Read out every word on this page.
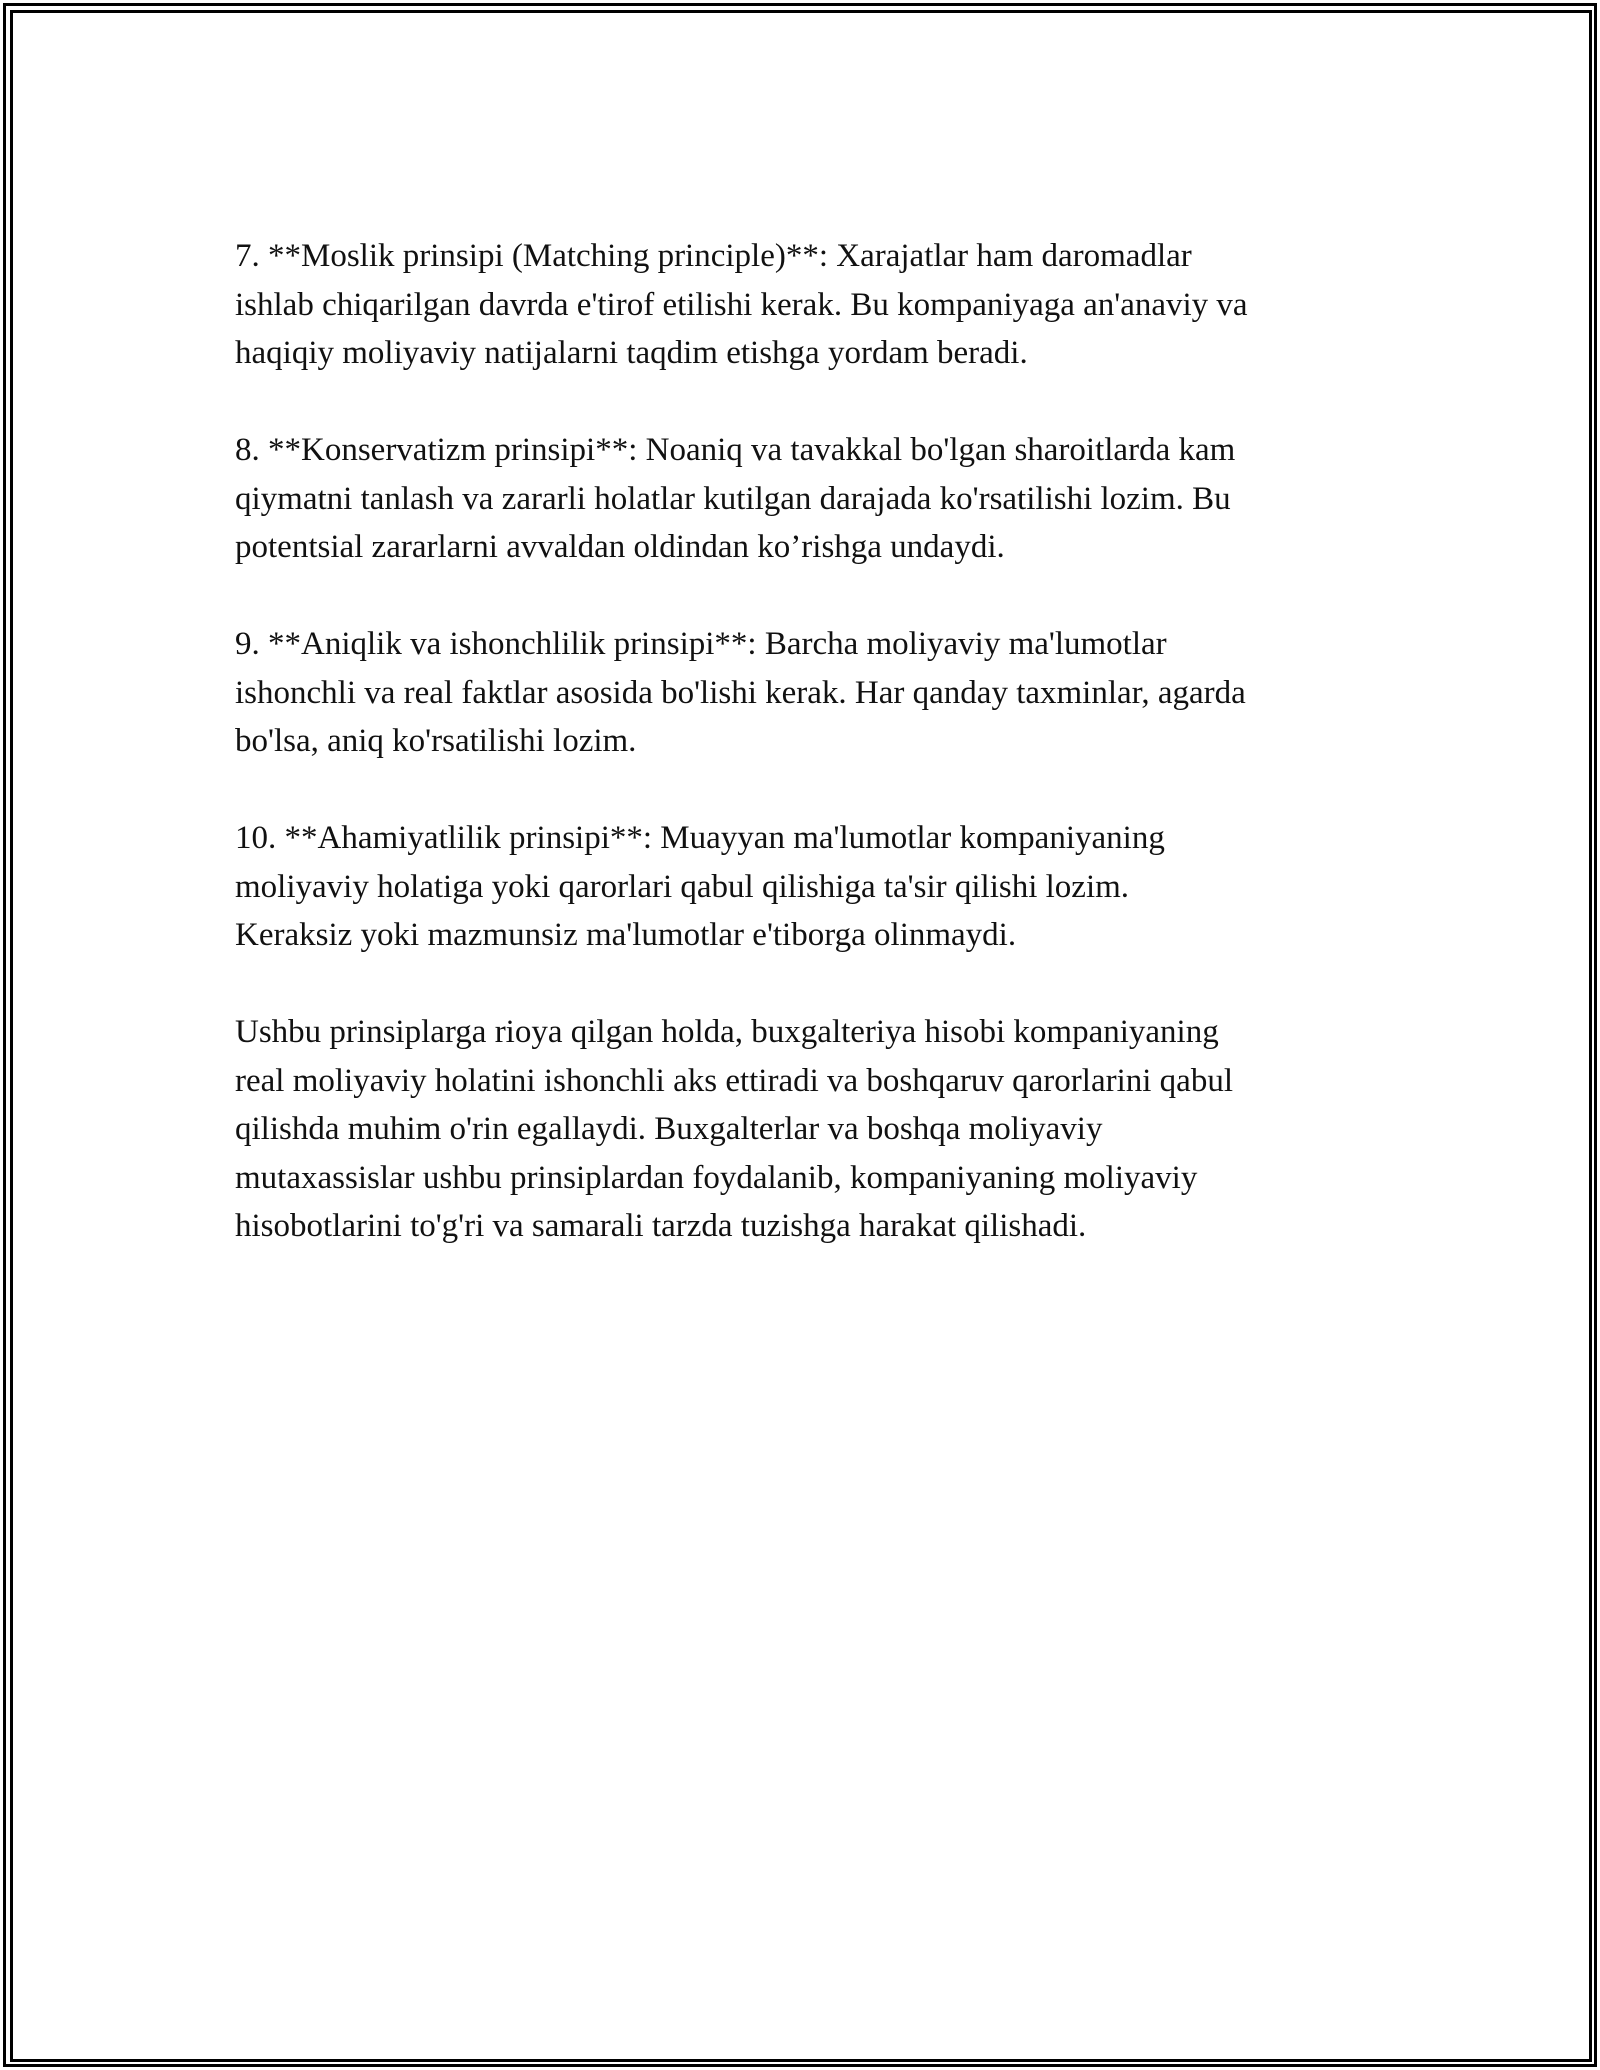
7. **Moslik prinsipi (Matching principle)**: Xarajatlar ham daromadlar
ishlab chiqarilgan davrda e'tirof etilishi kerak. Bu kompaniyaga an'anaviy va
haqiqiy moliyaviy natijalarni taqdim etishga yordam beradi.

8. **Konservatizm prinsipi**: Noaniq va tavakkal bo'lgan sharoitlarda kam
qiymatni tanlash va zararli holatlar kutilgan darajada ko'rsatilishi lozim. Bu
potentsial zararlarni avvaldan oldindan ko’rishga undaydi.

9. **Aniqlik va ishonchlilik prinsipi**: Barcha moliyaviy ma'lumotlar
ishonchli va real faktlar asosida bo'lishi kerak. Har qanday taxminlar, agarda
bo'lsa, aniq ko'rsatilishi lozim.

10. **Ahamiyatlilik prinsipi**: Muayyan ma'lumotlar kompaniyaning
moliyaviy holatiga yoki qarorlari qabul qilishiga ta'sir qilishi lozim.
Keraksiz yoki mazmunsiz ma'lumotlar e'tiborga olinmaydi.

Ushbu prinsiplarga rioya qilgan holda, buxgalteriya hisobi kompaniyaning
real moliyaviy holatini ishonchli aks ettiradi va boshqaruv qarorlarini qabul
qilishda muhim o'rin egallaydi. Buxgalterlar va boshqa moliyaviy
mutaxassislar ushbu prinsiplardan foydalanib, kompaniyaning moliyaviy
hisobotlarini to'g'ri va samarali tarzda tuzishga harakat qilishadi.
